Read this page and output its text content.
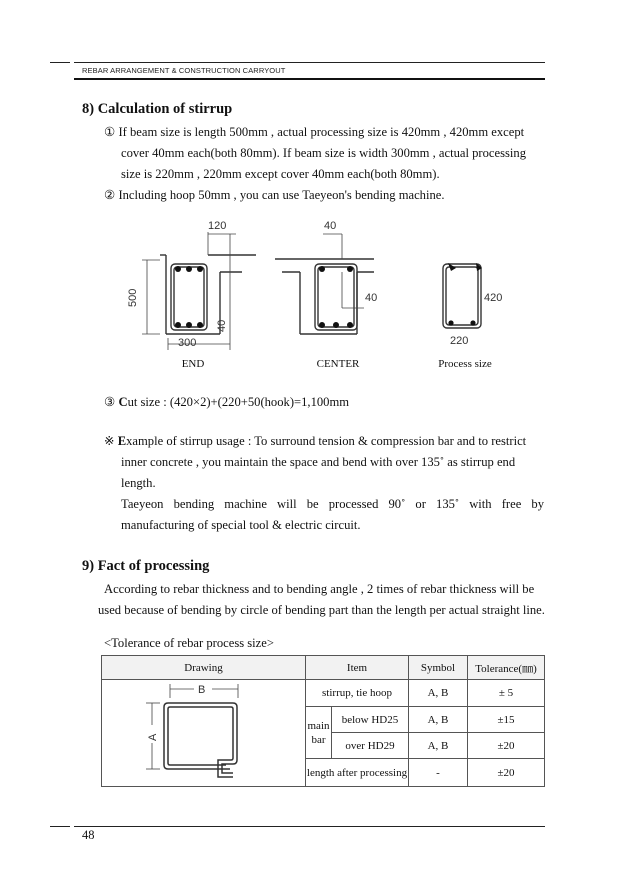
REBAR ARRANGEMENT & CONSTRUCTION CARRYOUT
8) Calculation of stirrup
① If beam size is length 500mm , actual processing size is 420mm , 420mm except
cover 40mm each(both 80mm). If beam size is width 300mm , actual processing
size is 220mm , 220mm except cover 40mm each(both 80mm).
② Including hoop 50mm , you can use Taeyeon's bending machine.
120
500
300
40
40
40	420
220
END	CENTER	Process size
③ Cut size : (420×2)+(220+50(hook)=1,100mm
※ Example of stirrup usage : To surround tension & compression bar and to restrict
inner concrete , you maintain the space and bend with over 135˚ as stirrup end
length.
Taeyeon bending machine will be processed 90˚ or 135˚ with free by
manufacturing of special tool & electric circuit.
9) Fact of processing
According to rebar thickness and to bending angle , 2 times of rebar thickness will be
used because of bending by circle of bending part than the length per actual straight line.
<Tolerance of rebar process size>
Drawing	Item		Symbol	Tolerance(㎜)

B
A	stirrup, tie hoop		A, B	± 5
	main bar	below HD25	A, B	±15
		over HD29	A, B	±20
	length after processing		-	±20
48
